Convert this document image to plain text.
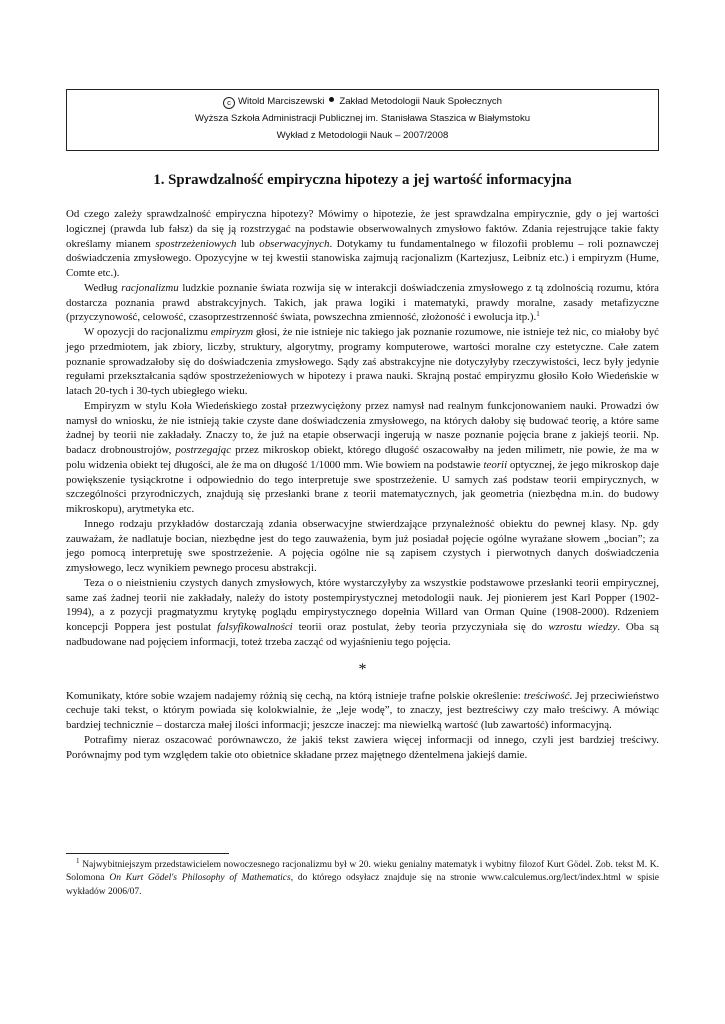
c Witold Marciszewski Zakład Metodologii Nauk Społecznych
Wyższa Szkoła Administracji Publicznej im. Stanisława Staszica w Białymstoku
Wykład z Metodologii Nauk – 2007/2008
1. Sprawdzalność empiryczna hipotezy a jej wartość informacyjna

Od czego zależy sprawdzalność empiryczna hipotezy? Mówimy o hipotezie, że jest sprawdzalna empirycznie, gdy o jej wartości logicznej (prawda lub fałsz) da się ją rozstrzygać na podstawie obserwowalnych zmysłowo faktów. Zdania rejestrujące takie fakty określamy mianem spostrzeżeniowych lub obserwacyjnych. Dotykamy tu fundamentalnego w filozofii problemu – roli poznawczej doświadczenia zmysłowego. Opozycyjne w tej kwestii stanowiska zajmują racjonalizm (Kartezjusz, Leibniz etc.) i empiryzm (Hume, Comte etc.).

Według racjonalizmu ludzkie poznanie świata rozwija się w interakcji doświadczenia zmysłowego z tą zdolnością rozumu, która dostarcza poznania prawd abstrakcyjnych. Takich, jak prawa logiki i matematyki, prawdy moralne, zasady metafizyczne (przyczynowość, celowość, czasoprzestrzenność świata, powszechna zmienność, złożoność i ewolucja itp.).$^1$

W opozycji do racjonalizmu empiryzm głosi, że nie istnieje nic takiego jak poznanie rozumowe, nie istnieje też nic, co miałoby być jego przedmiotem, jak zbiory, liczby, struktury, algorytmy, programy komputerowe, wartości moralne czy estetyczne. Całe zatem poznanie sprowadzałoby się do doświadczenia zmysłowego. Sądy zaś abstrakcyjne nie dotyczyłyby rzeczywistości, lecz były jedynie regułami przekształcania sądów spostrzeżeniowych w hipotezy i prawa nauki. Skrajną postać empiryzmu głosiło Koło Wiedeńskie w latach 20-tych i 30-tych ubiegłego wieku.

Empiryzm w stylu Koła Wiedeńskiego został przezwyciężony przez namysł nad realnym funkcjonowaniem nauki. Prowadzi ów namysł do wniosku, że nie istnieją takie czyste dane doświadczenia zmysłowego, na których dałoby się budować teorię, a które same żadnej by teorii nie zakładały. Znaczy to, że już na etapie obserwacji ingerują w nasze poznanie pojęcia brane z jakiejś teorii. Np. badacz drobnoustrojów, postrzegając przez mikroskop obiekt, którego długość oszacowałby na jeden milimetr, nie powie, że ma w polu widzenia obiekt tej długości, ale że ma on długość 1/1000 mm. Wie bowiem na podstawie teorii optycznej, że jego mikroskop daje powiększenie tysiąckrotne i odpowiednio do tego interpretuje swe spostrzeżenie. U samych zaś podstaw teorii empirycznych, w szczególności przyrodniczych, znajdują się przesłanki brane z teorii matematycznych, jak geometria (niezbędna m.in. do budowy mikroskopu), arytmetyka etc.

Innego rodzaju przykładów dostarczają zdania obserwacyjne stwierdzające przynależność obiektu do pewnej klasy. Np. gdy zauważam, że nadlatuje bocian, niezbędne jest do tego zauważenia, bym już posiadał pojęcie ogólne wyrażane słowem „bocian”; za jego pomocą interpretuję swe spostrzeżenie. A pojęcia ogólne nie są zapisem czystych i pierwotnych danych doświadczenia zmysłowego, lecz wynikiem pewnego procesu abstrakcji.

Teza o o nieistnieniu czystych danych zmysłowych, które wystarczyłyby za wszystkie podstawowe przesłanki teorii empirycznej, same zaś żadnej teorii nie zakładały, należy do istoty postempirystycznej metodologii nauk. Jej pionierem jest Karl Popper (1902-1994), a z pozycji pragmatyzmu krytykę poglądu empirystycznego dopełnia Willard van Orman Quine (1908-2000). Rdzeniem koncepcji Poppera jest postulat falsyfikowalności teorii oraz postulat, żeby teoria przyczyniała się do wzrostu wiedzy. Oba są nadbudowane nad pojęciem informacji, toteż trzeba zacząć od wyjaśnieniu tego pojęcia.

*

Komunikaty, które sobie wzajem nadajemy różnią się cechą, na którą istnieje trafne polskie określenie: treściwość. Jej przeciwieństwo cechuje taki tekst, o którym powiada się kolokwialnie, że „leje wodę”, to znaczy, jest beztreściwy czy mało treściwy. A mówiąc bardziej technicznie – dostarcza małej ilości informacji; jeszcze inaczej: ma niewielką wartość (lub zawartość) informacyjną.

Potrafimy nieraz oszacować porównawczo, że jakiś tekst zawiera więcej informacji od innego, czyli jest bardziej treściwy. Porównajmy pod tym względem takie oto obietnice składane przez majętnego dżentelmena jakiejś damie.

$^1$ Najwybitniejszym przedstawicielem nowoczesnego racjonalizmu był w 20. wieku genialny matematyk i wybitny filozof Kurt Gödel. Zob. tekst M. K. Solomona On Kurt Gödel's Philosophy of Mathematics, do którego odsyłacz znajduje się na stronie www.calculemus.org/lect/index.html w spisie wykładów 2006/07.
